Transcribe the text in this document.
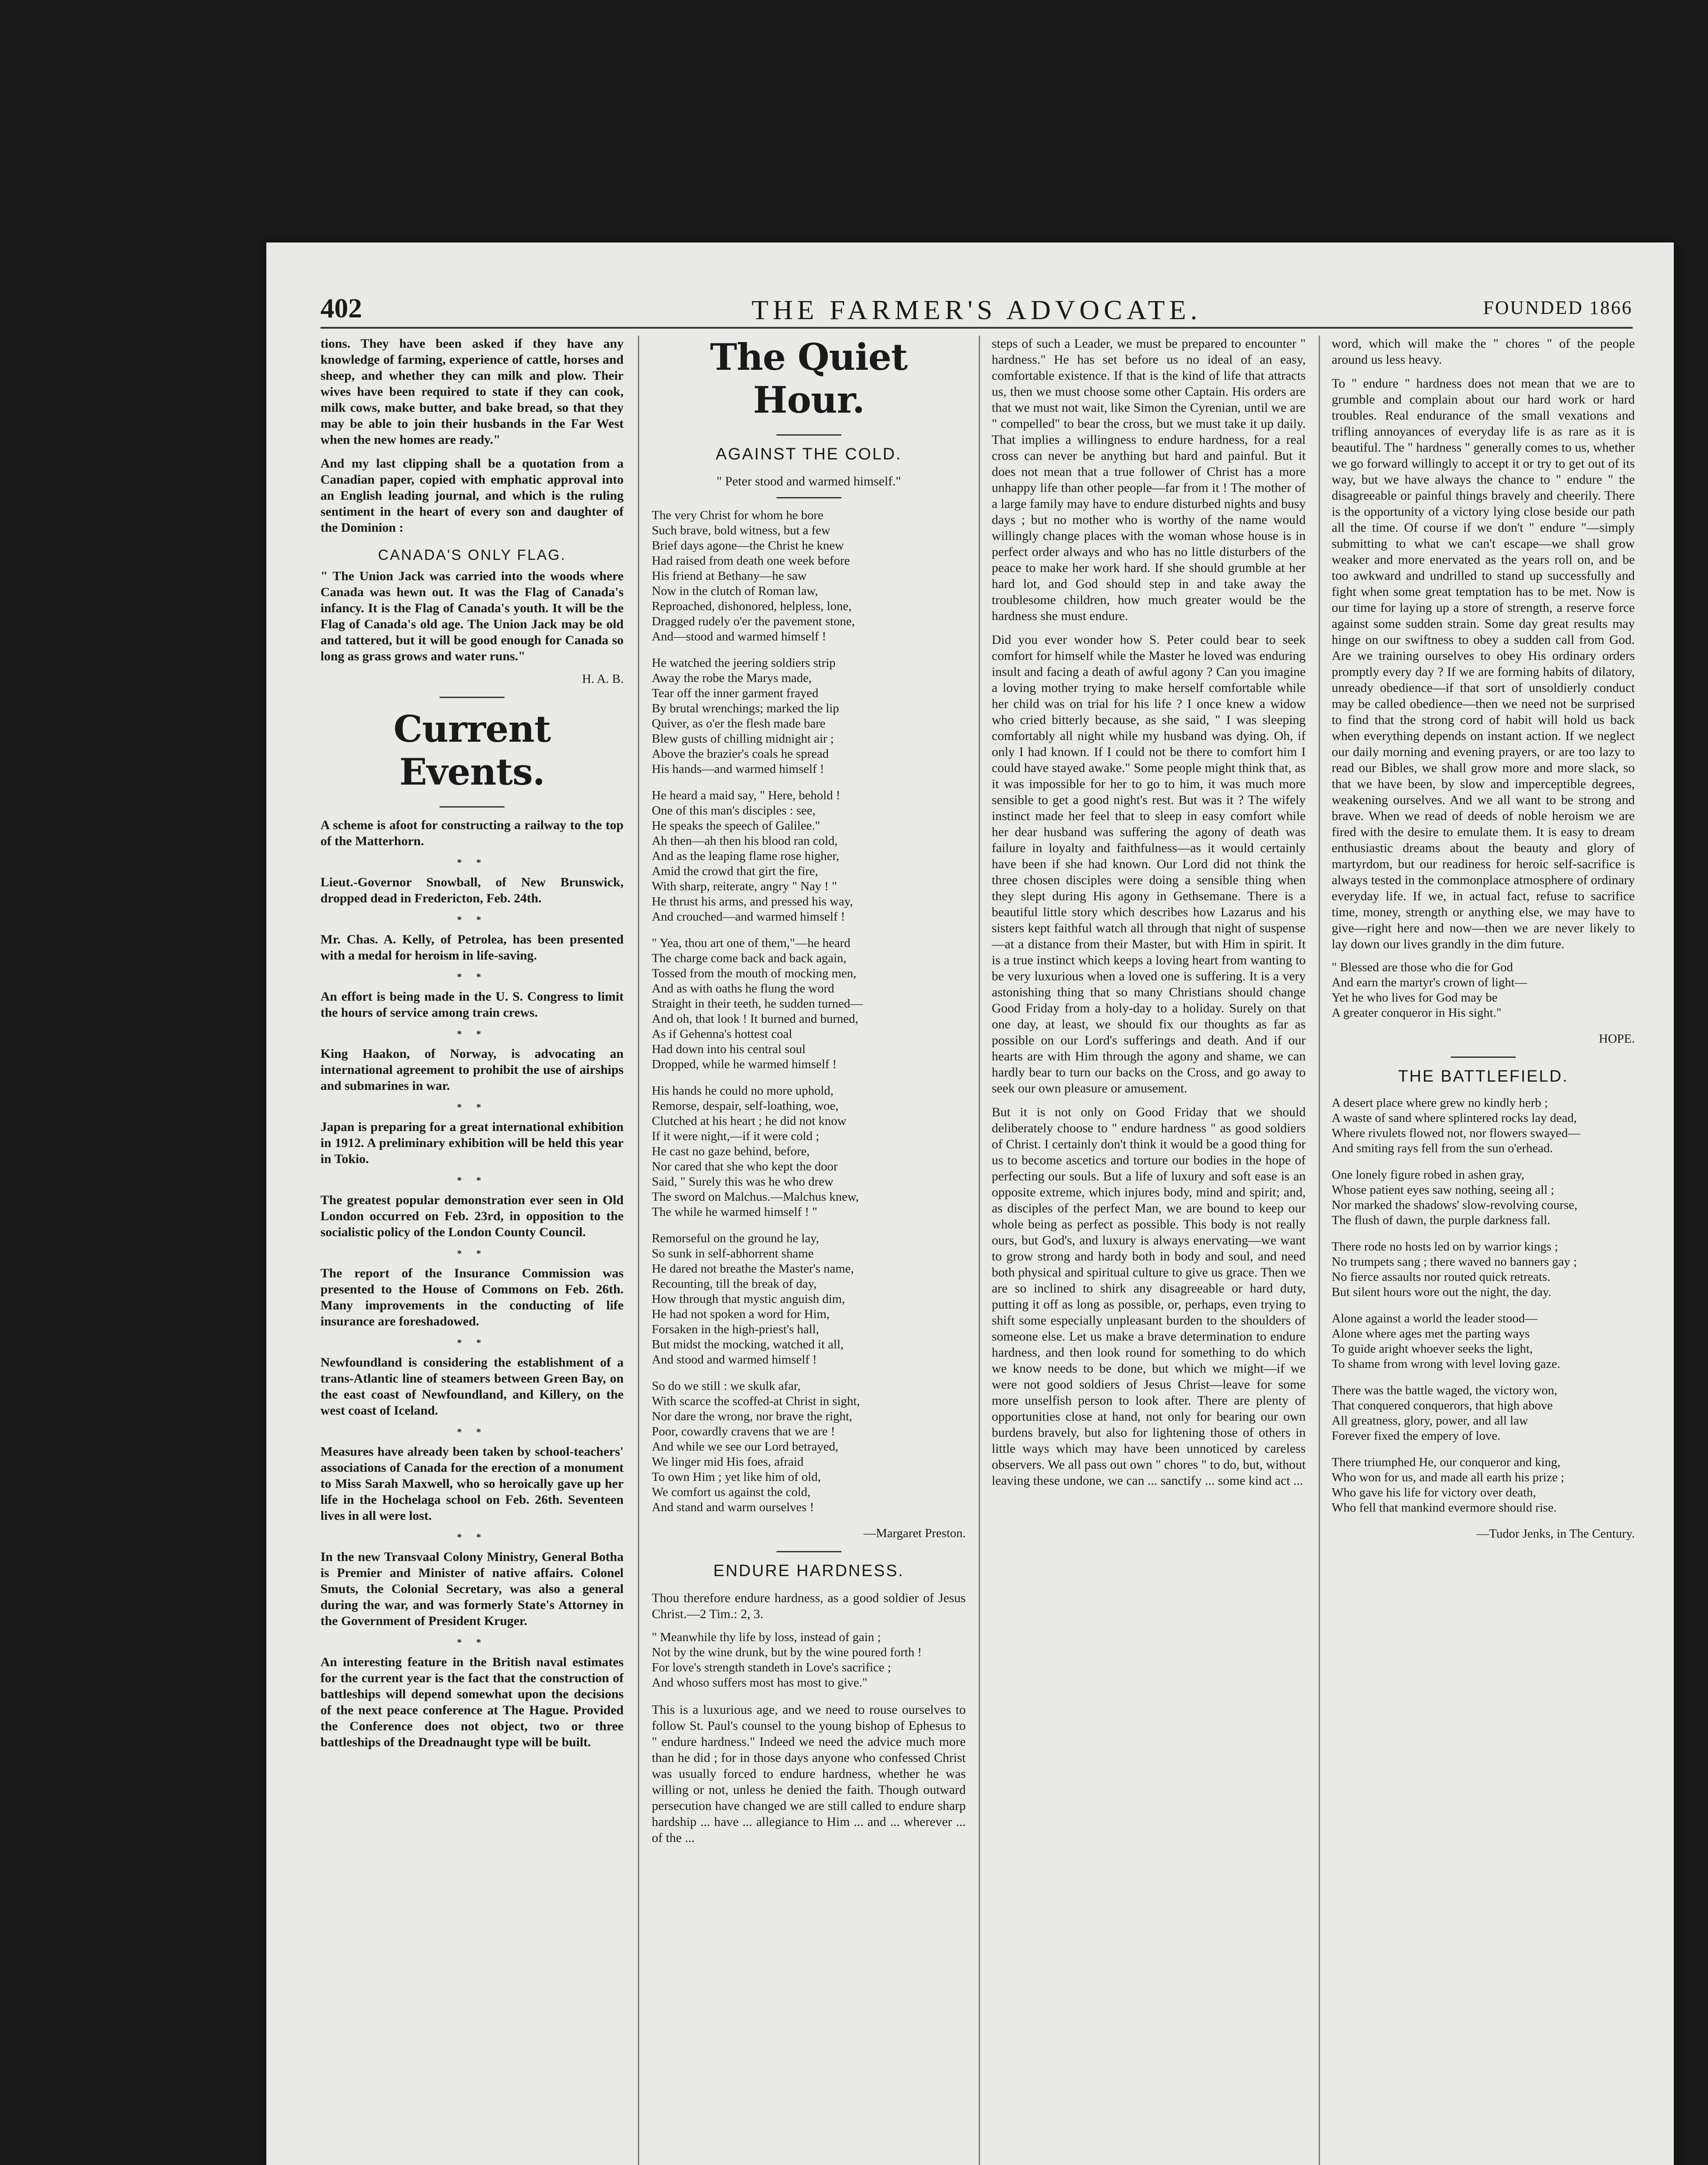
402	THE FARMER'S ADVOCATE.	FOUNDED 1866

tions. They have been asked if they have any knowledge of farming, experience of cattle, horses and sheep, and whether they can milk and plow. Their wives have been required to state if they can cook, milk cows, make butter, and bake bread, so that they may be able to join their husbands in the Far West when the new homes are ready."

And my last clipping shall be a quotation from a Canadian paper, copied with emphatic approval into an English leading journal, and which is the ruling sentiment in the heart of every son and daughter of the Dominion :

CANADA'S ONLY FLAG.

" The Union Jack was carried into the woods where Canada was hewn out. It was the Flag of Canada's infancy. It is the Flag of Canada's youth. It will be the Flag of Canada's old age. The Union Jack may be old and tattered, but it will be good enough for Canada so long as grass grows and water runs."

H. A. B.
Current Events.

A scheme is afoot for constructing a railway to the top of the Matterhorn.

* *

Lieut.-Governor Snowball, of New Brunswick, dropped dead in Fredericton, Feb. 24th.

* *

Mr. Chas. A. Kelly, of Petrolea, has been presented with a medal for heroism in life-saving.

* *

An effort is being made in the U. S. Congress to limit the hours of service among train crews.

* *

King Haakon, of Norway, is advocating an international agreement to prohibit the use of airships and submarines in war.

* *

Japan is preparing for a great international exhibition in 1912. A preliminary exhibition will be held this year in Tokio.

* *

The greatest popular demonstration ever seen in Old London occurred on Feb. 23rd, in opposition to the socialistic policy of the London County Council.

* *

The report of the Insurance Commission was presented to the House of Commons on Feb. 26th. Many improvements in the conducting of life insurance are foreshadowed.

* *

Newfoundland is considering the establishment of a trans-Atlantic line of steamers between Green Bay, on the east coast of Newfoundland, and Killery, on the west coast of Iceland.

* *

Measures have already been taken by school-teachers' associations of Canada for the erection of a monument to Miss Sarah Maxwell, who so heroically gave up her life in the Hochelaga school on Feb. 26th. Seventeen lives in all were lost.

* *

In the new Transvaal Colony Ministry, General Botha is Premier and Minister of native affairs. Colonel Smuts, the Colonial Secretary, was also a general during the war, and was formerly State's Attorney in the Government of President Kruger.

* *

An interesting feature in the British naval estimates for the current year is the fact that the construction of battleships will depend somewhat upon the decisions of the next peace conference at The Hague. Provided the Conference does not object, two or three battleships of the Dreadnaught type will be built.

The Quiet Hour.
AGAINST THE COLD.

" Peter stood and warmed himself."

The very Christ for whom he bore
Such brave, bold witness, but a few
Brief days agone—the Christ he knew
Had raised from death one week before
His friend at Bethany—he saw
Now in the clutch of Roman law,
Reproached, dishonored, helpless, lone,
Dragged rudely o'er the pavement stone,
And—stood and warmed himself !
He watched the jeering soldiers strip
Away the robe the Marys made,
Tear off the inner garment frayed
By brutal wrenchings; marked the lip
Quiver, as o'er the flesh made bare
Blew gusts of chilling midnight air ;
Above the brazier's coals he spread
His hands—and warmed himself !
He heard a maid say, " Here, behold !
One of this man's disciples : see,
He speaks the speech of Galilee."
Ah then—ah then his blood ran cold,
And as the leaping flame rose higher,
Amid the crowd that girt the fire,
With sharp, reiterate, angry " Nay ! "
He thrust his arms, and pressed his way,
And crouched—and warmed himself !
" Yea, thou art one of them,"—he heard
The charge come back and back again,
Tossed from the mouth of mocking men,
And as with oaths he flung the word
Straight in their teeth, he sudden turned—
And oh, that look ! It burned and burned,
As if Gehenna's hottest coal
Had down into his central soul
Dropped, while he warmed himself !
His hands he could no more uphold,
Remorse, despair, self-loathing, woe,
Clutched at his heart ; he did not know
If it were night,—if it were cold ;
He cast no gaze behind, before,
Nor cared that she who kept the door
Said, " Surely this was he who drew
The sword on Malchus.—Malchus knew,
The while he warmed himself ! "
Remorseful on the ground he lay,
So sunk in self-abhorrent shame
He dared not breathe the Master's name,
Recounting, till the break of day,
How through that mystic anguish dim,
He had not spoken a word for Him,
Forsaken in the high-priest's hall,
But midst the mocking, watched it all,
And stood and warmed himself !
So do we still : we skulk afar,
With scarce the scoffed-at Christ in sight,
Nor dare the wrong, nor brave the right,
Poor, cowardly cravens that we are !
And while we see our Lord betrayed,
We linger mid His foes, afraid
To own Him ; yet like him of old,
We comfort us against the cold,
And stand and warm ourselves !
—Margaret Preston.
ENDURE HARDNESS.

Thou therefore endure hardness, as a good soldier of Jesus Christ.—2 Tim.: 2, 3.

" Meanwhile thy life by loss, instead of gain ;
Not by the wine drunk, but by the wine poured forth !
For love's strength standeth in Love's sacrifice ;
And whoso suffers most has most to give."

This is a luxurious age, and we need to rouse ourselves to follow St. Paul's counsel to the young bishop of Ephesus to " endure hardness." Indeed we need the advice much more than he did ; for in those days anyone who confessed Christ was usually forced to endure hardness, whether he was willing or not, unless he denied the faith. Though outward persecution have changed we are still called to endure sharp hardship ... have ... allegiance to Him ... and ... wherever ... of the ...

steps of such a Leader, we must be prepared to encounter " hardness." He has set before us no ideal of an easy, comfortable existence. If that is the kind of life that attracts us, then we must choose some other Captain. His orders are that we must not wait, like Simon the Cyrenian, until we are " compelled" to bear the cross, but we must take it up daily. That implies a willingness to endure hardness, for a real cross can never be anything but hard and painful. But it does not mean that a true follower of Christ has a more unhappy life than other people—far from it ! The mother of a large family may have to endure disturbed nights and busy days ; but no mother who is worthy of the name would willingly change places with the woman whose house is in perfect order always and who has no little disturbers of the peace to make her work hard. If she should grumble at her hard lot, and God should step in and take away the troublesome children, how much greater would be the hardness she must endure.

Did you ever wonder how S. Peter could bear to seek comfort for himself while the Master he loved was enduring insult and facing a death of awful agony ? Can you imagine a loving mother trying to make herself comfortable while her child was on trial for his life ? I once knew a widow who cried bitterly because, as she said, " I was sleeping comfortably all night while my husband was dying. Oh, if only I had known. If I could not be there to comfort him I could have stayed awake." Some people might think that, as it was impossible for her to go to him, it was much more sensible to get a good night's rest. But was it ? The wifely instinct made her feel that to sleep in easy comfort while her dear husband was suffering the agony of death was failure in loyalty and faithfulness—as it would certainly have been if she had known. Our Lord did not think the three chosen disciples were doing a sensible thing when they slept during His agony in Gethsemane. There is a beautiful little story which describes how Lazarus and his sisters kept faithful watch all through that night of suspense—at a distance from their Master, but with Him in spirit. It is a true instinct which keeps a loving heart from wanting to be very luxurious when a loved one is suffering. It is a very astonishing thing that so many Christians should change Good Friday from a holy-day to a holiday. Surely on that one day, at least, we should fix our thoughts as far as possible on our Lord's sufferings and death. And if our hearts are with Him through the agony and shame, we can hardly bear to turn our backs on the Cross, and go away to seek our own pleasure or amusement.

But it is not only on Good Friday that we should deliberately choose to " endure hardness " as good soldiers of Christ. I certainly don't think it would be a good thing for us to become ascetics and torture our bodies in the hope of perfecting our souls. But a life of luxury and soft ease is an opposite extreme, which injures body, mind and spirit; and, as disciples of the perfect Man, we are bound to keep our whole being as perfect as possible. This body is not really ours, but God's, and luxury is always enervating—we want to grow strong and hardy both in body and soul, and need both physical and spiritual culture to give us grace. Then we are so inclined to shirk any disagreeable or hard duty, putting it off as long as possible, or, perhaps, even trying to shift some especially unpleasant burden to the shoulders of someone else. Let us make a brave determination to endure hardness, and then look round for something to do which we know needs to be done, but which we might—if we were not good soldiers of Jesus Christ—leave for some more unselfish person to look after. There are plenty of opportunities close at hand, not only for bearing our own burdens bravely, but also for lightening those of others in little ways which may have been unnoticed by careless observers. We all pass out own " chores " to do, but, without leaving these undone, we can ... sanctify ... some kind act ...

word, which will make the " chores " of the people around us less heavy.

To " endure " hardness does not mean that we are to grumble and complain about our hard work or hard troubles. Real endurance of the small vexations and trifling annoyances of everyday life is as rare as it is beautiful. The " hardness " generally comes to us, whether we go forward willingly to accept it or try to get out of its way, but we have always the chance to " endure " the disagreeable or painful things bravely and cheerily. There is the opportunity of a victory lying close beside our path all the time. Of course if we don't " endure "—simply submitting to what we can't escape—we shall grow weaker and more enervated as the years roll on, and be too awkward and undrilled to stand up successfully and fight when some great temptation has to be met. Now is our time for laying up a store of strength, a reserve force against some sudden strain. Some day great results may hinge on our swiftness to obey a sudden call from God. Are we training ourselves to obey His ordinary orders promptly every day ? If we are forming habits of dilatory, unready obedience—if that sort of unsoldierly conduct may be called obedience—then we need not be surprised to find that the strong cord of habit will hold us back when everything depends on instant action. If we neglect our daily morning and evening prayers, or are too lazy to read our Bibles, we shall grow more and more slack, so that we have been, by slow and imperceptible degrees, weakening ourselves. And we all want to be strong and brave. When we read of deeds of noble heroism we are fired with the desire to emulate them. It is easy to dream enthusiastic dreams about the beauty and glory of martyrdom, but our readiness for heroic self-sacrifice is always tested in the commonplace atmosphere of ordinary everyday life. If we, in actual fact, refuse to sacrifice time, money, strength or anything else, we may have to give—right here and now—then we are never likely to lay down our lives grandly in the dim future.

" Blessed are those who die for God
And earn the martyr's crown of light—
Yet he who lives for God may be
A greater conqueror in His sight."
HOPE.
THE BATTLEFIELD.
A desert place where grew no kindly herb ;
A waste of sand where splintered rocks lay dead,
Where rivulets flowed not, nor flowers swayed—
And smiting rays fell from the sun o'erhead.
One lonely figure robed in ashen gray,
Whose patient eyes saw nothing, seeing all ;
Nor marked the shadows' slow-revolving course,
The flush of dawn, the purple darkness fall.
There rode no hosts led on by warrior kings ;
No trumpets sang ; there waved no banners gay ;
No fierce assaults nor routed quick retreats.
But silent hours wore out the night, the day.
Alone against a world the leader stood—
Alone where ages met the parting ways
To guide aright whoever seeks the light,
To shame from wrong with level loving gaze.
There was the battle waged, the victory won,
That conquered conquerors, that high above
All greatness, glory, power, and all law
Forever fixed the empery of love.
There triumphed He, our conqueror and king,
Who won for us, and made all earth his prize ;
Who gave his life for victory over death,
Who fell that mankind evermore should rise.
—Tudor Jenks, in The Century.
